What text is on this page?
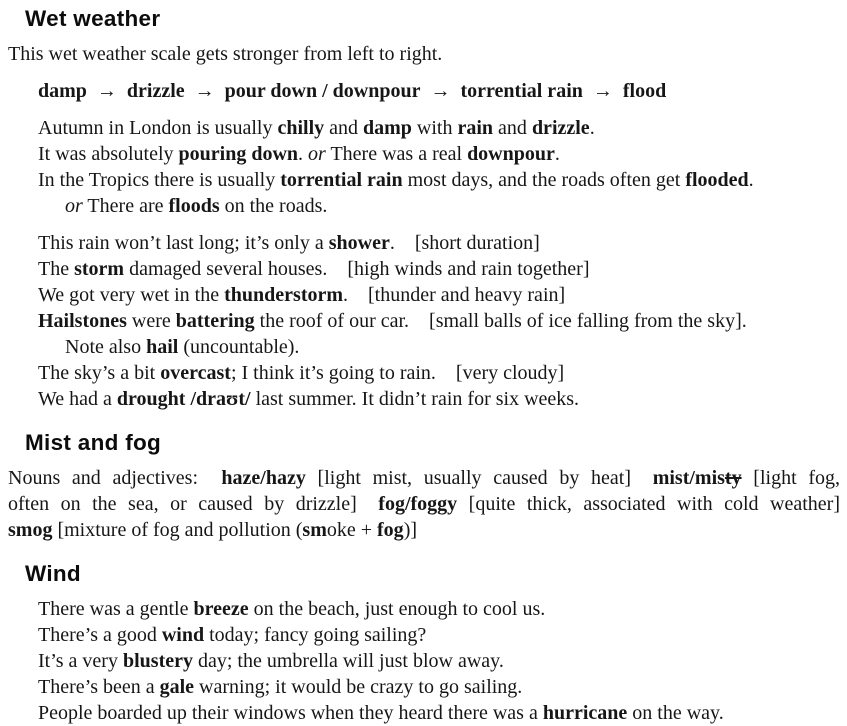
Wet weather

This wet weather scale gets stronger from left to right.

damp → drizzle → pour down / downpour → torrential rain → flood

Autumn in London is usually chilly and damp with rain and drizzle.

It was absolutely pouring down. or There was a real downpour.

In the Tropics there is usually torrential rain most days, and the roads often get flooded.

or There are floods on the roads.

This rain won’t last long; it’s only a shower. [short duration]

The storm damaged several houses. [high winds and rain together]

We got very wet in the thunderstorm. [thunder and heavy rain]

Hailstones were battering the roof of our car. [small balls of ice falling from the sky].

Note also hail (uncountable).

The sky’s a bit overcast; I think it’s going to rain. [very cloudy]

We had a drought /draʊt/ last summer. It didn’t rain for six weeks.

Mist and fog

Nouns and adjectives:  haze/hazy [light mist, usually caused by heat]  mist/misty [light fog,

often on the sea, or caused by drizzle]  fog/foggy [quite thick, associated with cold weather]

smog [mixture of fog and pollution (smoke + fog)]

Wind

There was a gentle breeze on the beach, just enough to cool us.

There’s a good wind today; fancy going sailing?

It’s a very blustery day; the umbrella will just blow away.

There’s been a gale warning; it would be crazy to go sailing.

People boarded up their windows when they heard there was a hurricane on the way.
